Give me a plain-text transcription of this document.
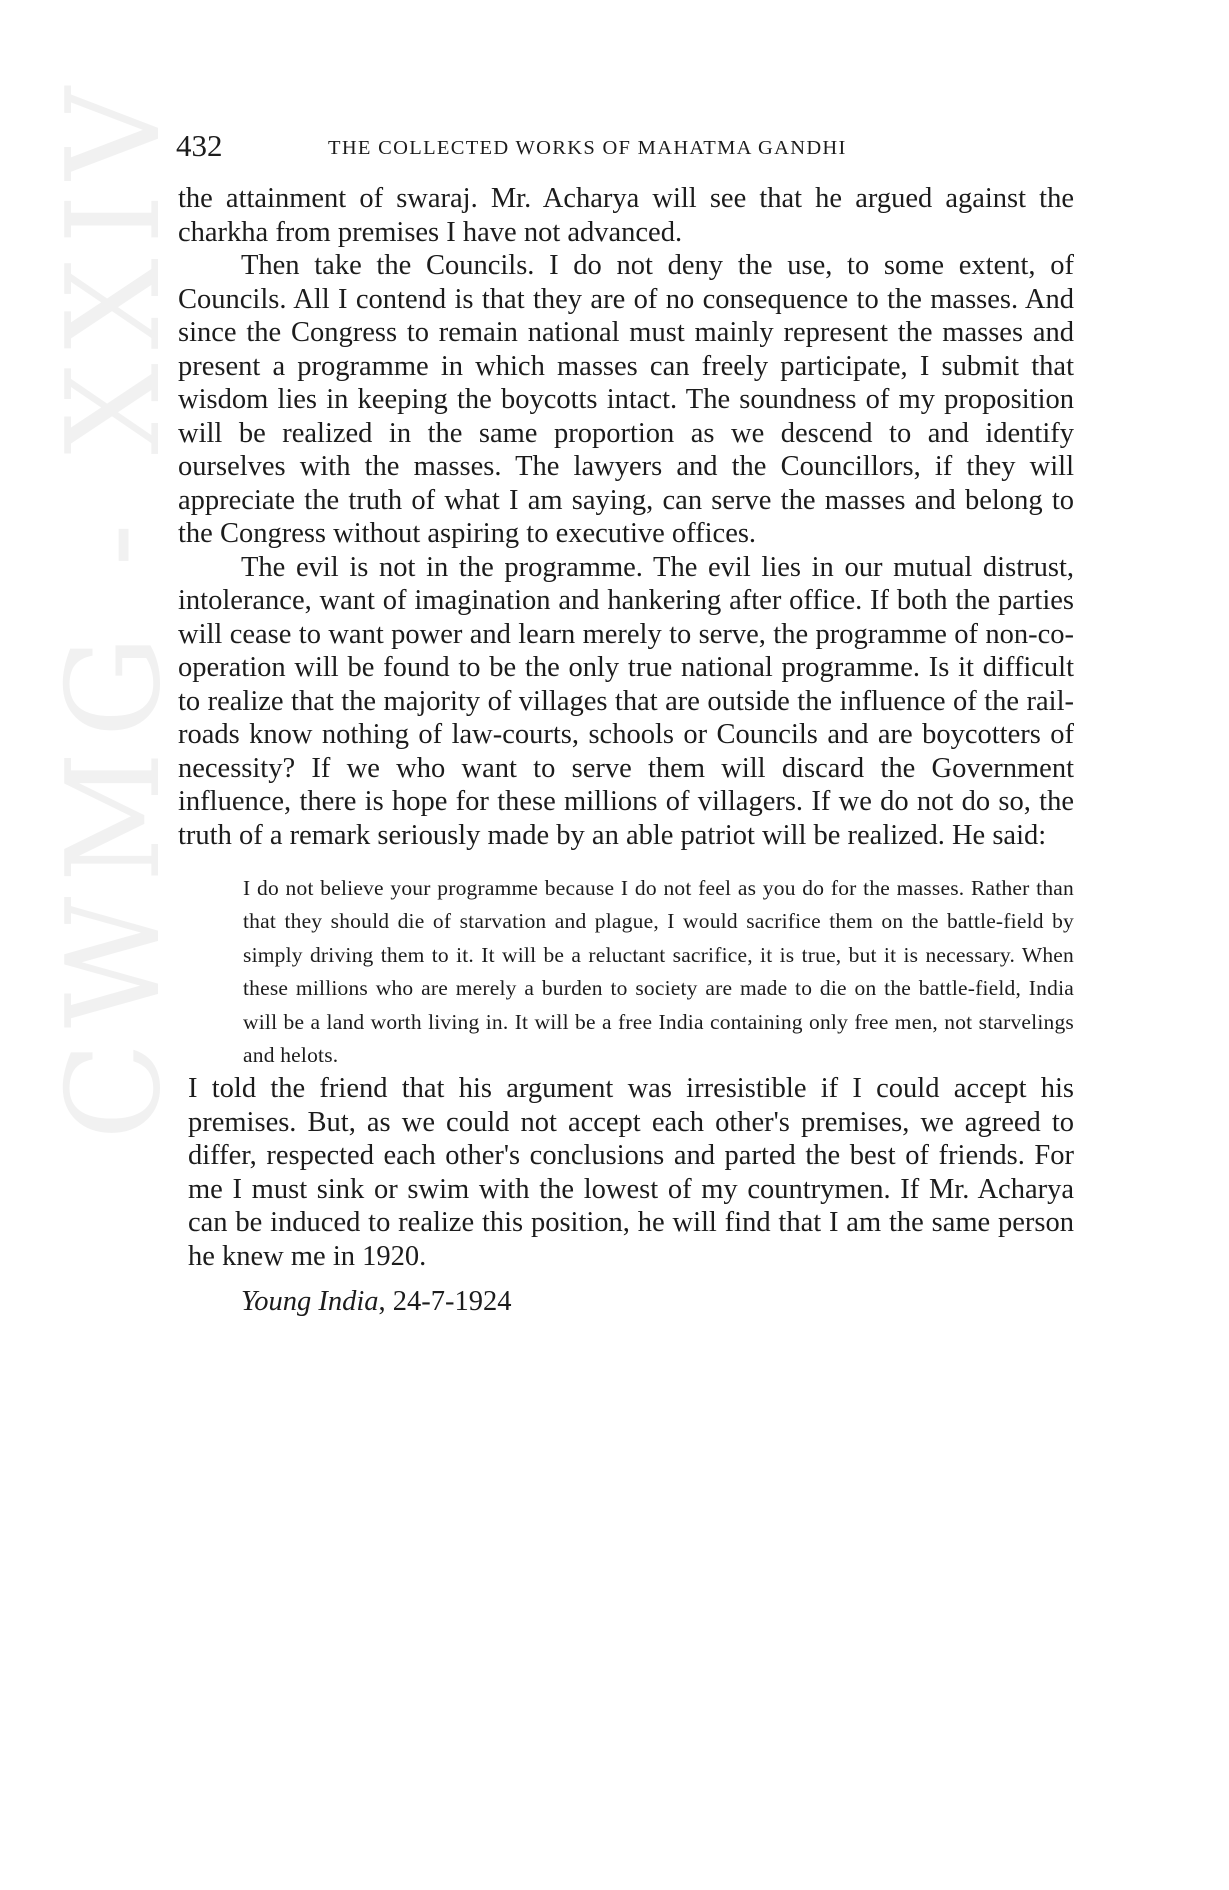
CWMG - XXIV
432	THE COLLECTED WORKS OF MAHATMA GANDHI

the attainment of swaraj. Mr. Acharya will see that he argued against the charkha from premises I have not advanced.

Then take the Councils. I do not deny the use, to some extent, of Councils. All I contend is that they are of no consequence to the masses. And since the Congress to remain national must mainly represent the masses and present a programme in which masses can freely participate, I submit that wisdom lies in keeping the boycotts intact. The soundness of my proposition will be realized in the same proportion as we descend to and identify ourselves with the masses. The lawyers and the Councillors, if they will appreciate the truth of what I am saying, can serve the masses and belong to the Congress without aspiring to executive offices.

The evil is not in the programme. The evil lies in our mutual distrust, intolerance, want of imagination and hankering after office. If both the parties will cease to want power and learn merely to serve, the programme of non-co-operation will be found to be the only true national programme. Is it difficult to realize that the majority of villages that are outside the influence of the rail-roads know nothing of law-courts, schools or Councils and are boycotters of necessity? If we who want to serve them will discard the Government influence, there is hope for these millions of villagers. If we do not do so, the truth of a remark seriously made by an able patriot will be realized. He said:

I do not believe your programme because I do not feel as you do for the masses. Rather than that they should die of starvation and plague, I would sacrifice them on the battle-field by simply driving them to it. It will be a reluctant sacrifice, it is true, but it is necessary. When these millions who are merely a burden to society are made to die on the battle-field, India will be a land worth living in. It will be a free India containing only free men, not starvelings and helots.

I told the friend that his argument was irresistible if I could accept his premises. But, as we could not accept each other's premises, we agreed to differ, respected each other's conclusions and parted the best of friends. For me I must sink or swim with the lowest of my countrymen. If Mr. Acharya can be induced to realize this position, he will find that I am the same person he knew me in 1920.

Young India, 24-7-1924
